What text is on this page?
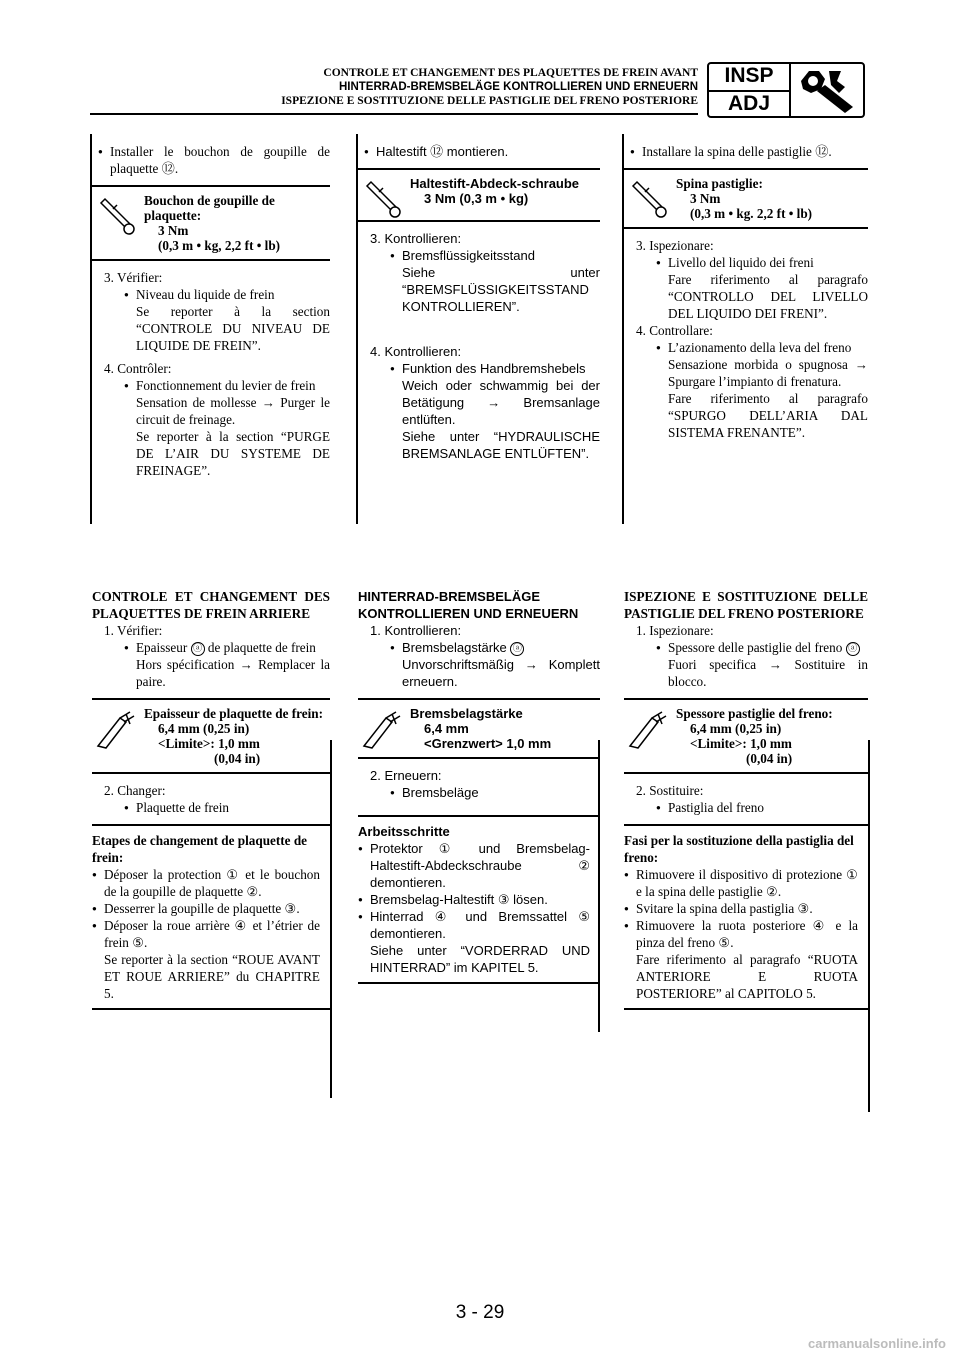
CONTROLE ET CHANGEMENT DES PLAQUETTES DE FREIN AVANT
HINTERRAD-BREMSBELÄGE KONTROLLIEREN UND ERNEUERN
ISPEZIONE E SOSTITUZIONE DELLE PASTIGLIE DEL FRENO POSTERIORE
INSP
ADJ
● Installer le bouchon de goupille de plaquette ⑫.
Bouchon de goupille de plaquette:
3 Nm
(0,3 m • kg, 2,2 ft • lb)
3. Vérifier:
● Niveau du liquide de frein
Se reporter à la section “CONTROLE DU NIVEAU DE LIQUIDE DE FREIN”.
4. Contrôler:
● Fonctionnement du levier de frein
Sensation de mollesse → Purger le circuit de freinage.
Se reporter à la section “PURGE DE L’AIR DU SYSTEME DE FREINAGE”.
CONTROLE ET CHANGEMENT DES PLAQUETTES DE FREIN ARRIERE
1. Vérifier:
● Epaisseur ⓐ de plaquette de frein
Hors spécification → Remplacer la paire.
Epaisseur de plaquette de frein:
6,4 mm (0,25 in)
<Limite>: 1,0 mm
(0,04 in)
2. Changer:
● Plaquette de frein
Etapes de changement de plaquette de frein:
● Déposer la protection ① et le bouchon de la goupille de plaquette ②.
● Desserrer la goupille de plaquette ③.
● Déposer la roue arrière ④ et l’étrier de frein ⑤.
Se reporter à la section “ROUE AVANT ET ROUE ARRIERE” du CHAPITRE 5.
● Haltestift ⑫ montieren.
Haltestift-Abdeck-schraube
3 Nm (0,3 m • kg)
3. Kontrollieren:
● Bremsflüssigkeitsstand
Siehe unter “BREMSFLÜSSIGKEITSSTAND KONTROLLIEREN”.
4. Kontrollieren:
● Funktion des Handbremshebels
Weich oder schwammig bei der Betätigung → Bremsanlage entlüften.
Siehe unter “HYDRAULISCHE BREMSANLAGE ENTLÜFTEN”.
HINTERRAD-BREMSBELÄGE KONTROLLIEREN UND ERNEUERN
1. Kontrollieren:
● Bremsbelagstärke ⓐ
Unvorschriftsmäßig → Komplett erneuern.
Bremsbelagstärke
6,4 mm
<Grenzwert> 1,0 mm
2. Erneuern:
● Bremsbeläge
Arbeitsschritte
● Protektor ① und Bremsbelag-Haltestift-Abdeckschraube ② demontieren.
● Bremsbelag-Haltestift ③ lösen.
● Hinterrad ④ und Bremssattel ⑤ demontieren.
Siehe unter “VORDERRAD UND HINTERRAD” im KAPITEL 5.
● Installare la spina delle pastiglie ⑫.
Spina pastiglie:
3 Nm
(0,3 m • kg. 2,2 ft • lb)
3. Ispezionare:
● Livello del liquido dei freni
Fare riferimento al paragrafo “CONTROLLO DEL LIVELLO DEL LIQUIDO DEI FRENI”.
4. Controllare:
● L’azionamento della leva del freno
Sensazione morbida o spugnosa → Spurgare l’impianto di frenatura.
Fare riferimento al paragrafo “SPURGO DELL’ARIA DAL SISTEMA FRENANTE”.
ISPEZIONE E SOSTITUZIONE DELLE PASTIGLIE DEL FRENO POSTERIORE
1. Ispezionare:
● Spessore delle pastiglie del freno ⓐ
Fuori specifica → Sostituire in blocco.
Spessore pastiglie del freno:
6,4 mm (0,25 in)
<Limite>: 1,0 mm
(0,04 in)
2. Sostituire:
● Pastiglia del freno
Fasi per la sostituzione della pastiglia del freno:
● Rimuovere il dispositivo di protezione ① e la spina delle pastiglie ②.
● Svitare la spina della pastiglia ③.
● Rimuovere la ruota posteriore ④ e la pinza del freno ⑤.
Fare riferimento al paragrafo “RUOTA ANTERIORE E RUOTA POSTERIORE” al CAPITOLO 5.
3 - 29
carmanualsonline.info
